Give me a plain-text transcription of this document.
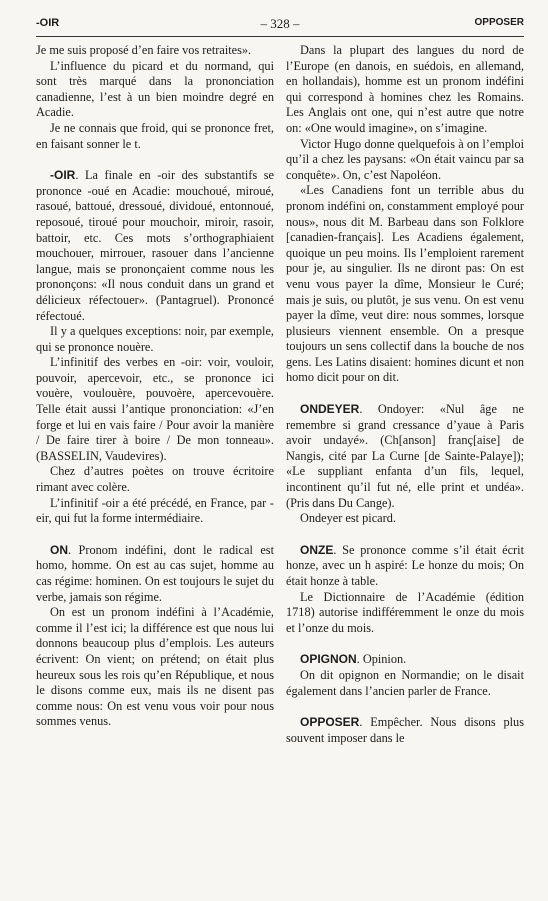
-OIR	– 328 –	OPPOSER

Je me suis proposé d’en faire vos retraites».

L’influence du picard et du normand, qui sont très marqué dans la prononciation canadienne, l’est à un bien moindre degré en Acadie.

Je ne connais que froid, qui se prononce fret, en faisant sonner le t.

-OIR. La finale en -oir des substantifs se prononce -oué en Acadie: mouchoué, miroué, rasoué, battoué, dressoué, dividoué, entonnoué, reposoué, tiroué pour mouchoir, miroir, rasoir, battoir, etc. Ces mots s’orthographiaient mouchouer, mirrouer, rasouer dans l’ancienne langue, mais se prononçaient comme nous les prononçons: «Il nous conduit dans un grand et délicieux réfectouer». (Pantagruel). Prononcé réfectoué.

Il y a quelques exceptions: noir, par exemple, qui se prononce nouère.

L’infinitif des verbes en -oir: voir, vouloir, pouvoir, apercevoir, etc., se prononce ici vouère, voulouère, pouvoère, apercevouère. Telle était aussi l’antique prononciation: «J’en forge et lui en vais faire / Pour avoir la manière / De faire tirer à boire / De mon tonneau». (BASSELIN, Vaudevires).

Chez d’autres poètes on trouve écritoire rimant avec colère.

L’infinitif -oir a été précédé, en France, par -eir, qui fut la forme intermédiaire.

ON. Pronom indéfini, dont le radical est homo, homme. On est au cas sujet, homme au cas régime: hominen. On est toujours le sujet du verbe, jamais son régime.

On est un pronom indéfini à l’Académie, comme il l’est ici; la différence est que nous lui donnons beaucoup plus d’emplois. Les auteurs écrivent: On vient; on prétend; on était plus heureux sous les rois qu’en République, et nous le disons comme eux, mais ils ne disent pas comme nous: On est venu vous voir pour nous sommes venus.

Dans la plupart des langues du nord de l’Europe (en danois, en suédois, en allemand, en hollandais), homme est un pronom indéfini qui correspond à homines chez les Romains. Les Anglais ont one, qui n’est autre que notre on: «One would imagine», on s’imagine.

Victor Hugo donne quelquefois à on l’emploi qu’il a chez les paysans: «On était vaincu par sa conquête». On, c’est Napoléon.

«Les Canadiens font un terrible abus du pronom indéfini on, constamment employé pour nous», nous dit M. Barbeau dans son Folklore [canadien-français]. Les Acadiens également, quoique un peu moins. Ils l’emploient rarement pour je, au singulier. Ils ne diront pas: On est venu vous payer la dîme, Monsieur le Curé; mais je suis, ou plutôt, je sus venu. On est venu payer la dîme, veut dire: nous sommes, lorsque plusieurs viennent ensemble. On a presque toujours un sens collectif dans la bouche de nos gens. Les Latins disaient: homines dicunt et non homo dicit pour on dit.

ONDEYER. Ondoyer: «Nul âge ne remembre si grand cressance d’yaue à Paris avoir undayé». (Ch[anson] franç[aise] de Nangis, cité par La Curne [de Sainte-Palaye]); «Le suppliant enfanta d’un fils, lequel, incontinent qu’il fut né, elle print et undéa». (Pris dans Du Cange).

Ondeyer est picard.

ONZE. Se prononce comme s’il était écrit honze, avec un h aspiré: Le honze du mois; On était honze à table.

Le Dictionnaire de l’Académie (édition 1718) autorise indifféremment le onze du mois et l’onze du mois.

OPIGNON. Opinion.

On dit opignon en Normandie; on le disait également dans l’ancien parler de France.

OPPOSER. Empêcher. Nous disons plus souvent imposer dans le
